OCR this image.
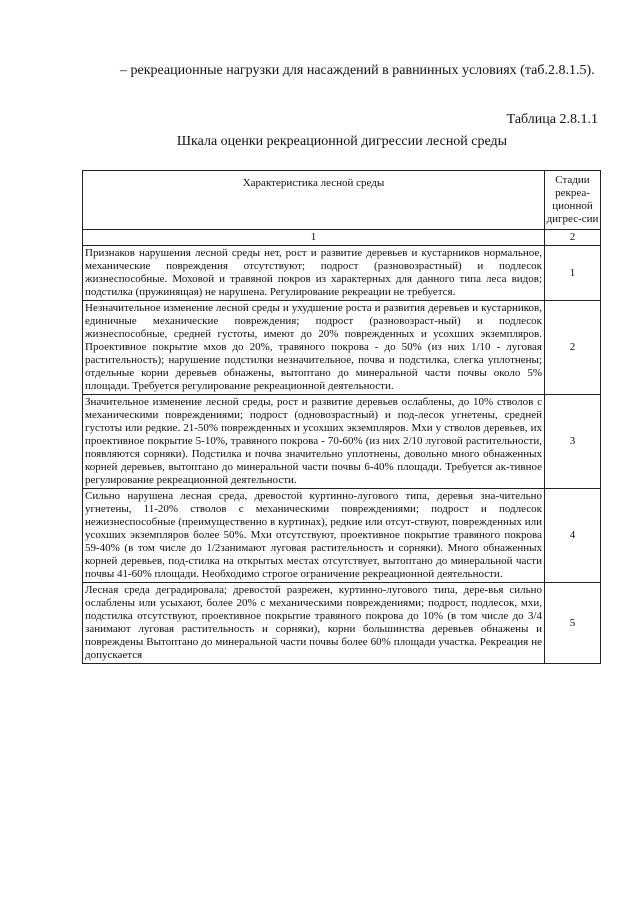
– рекреационные нагрузки для насаждений в равнинных условиях (таб.2.8.1.5).
Таблица 2.8.1.1
Шкала оценки рекреационной дигрессии лесной среды
Характеристика лесной среды	Стадии рекреа-ционной дигрес-сии
1	2
Признаков нарушения лесной среды нет, рост и развитие деревьев и кустарников нормальное, механические повреждения отсутствуют; подрост (разновозрастный) и подлесок жизнеспособные. Моховой и травяной покров из характерных для данного типа леса видов; подстилка (пружинящая) не нарушена. Регулирование рекреации не требуется.	1
Незначительное изменение лесной среды и ухудшение роста и развития деревьев и кустарников, единичные механические повреждения; подрост (разновозраст-ный) и подлесок жизнеспособные, средней густоты, имеют до 20% поврежденных и усохших экземпляров. Проективное покрытие мхов до 20%, травяного покрова - до 50% (из них 1/10 - луговая растительность); нарушение подстилки незначительное, почва и подстилка, слегка уплотнены; отдельные корни деревьев обнажены, вытоптано до минеральной части почвы около 5% площади. Требуется регулирование рекреационной деятельности.	2
Значительное изменение лесной среды, рост и развитие деревьев ослаблены, до 10% стволов с механическими повреждениями; подрост (одновозрастный) и под-лесок угнетены, средней густоты или редкие. 21-50% поврежденных и усохших экземпляров. Мхи у стволов деревьев, их проективное покрытие 5-10%, травяного покрова - 70-60% (из них 2/10 луговой растительности, появляются сорняки). Подстилка и почва значительно уплотнены, довольно много обнаженных корней деревьев, вытоптано до минеральной части почвы 6-40% площади. Требуется ак-тивное регулирование рекреационной деятельности.	3
Сильно нарушена лесная среда, древостой куртинно-лугового типа, деревья зна-чительно угнетены, 11-20% стволов с механическими повреждениями; подрост и подлесок нежизнеспособные (преимущественно в куртинах), редкие или отсут-ствуют, поврежденных или усохших экземпляров более 50%. Мхи отсутствуют, проективное покрытие травяного покрова 59-40% (в том числе до 1/2занимают луговая растительность и сорняки). Много обнаженных корней деревьев, под-стилка на открытых местах отсутствует, вытоптано до минеральной части почвы 41-60% площади. Необходимо строгое ограничение рекреационной деятельности.	4
Лесная среда деградировала; древостой разрежен, куртинно-лугового типа, дере-вья сильно ослаблены или усыхают, более 20% с механическими повреждениями; подрост, подлесок, мхи, подстилка отсутствуют, проективное покрытие травяного покрова до 10% (в том числе до 3/4 занимают луговая растительность и сорняки), корни большинства деревьев обнажены и повреждены Вытоптано до минеральной части почвы более 60% площади участка. Рекреация не допускается	5
